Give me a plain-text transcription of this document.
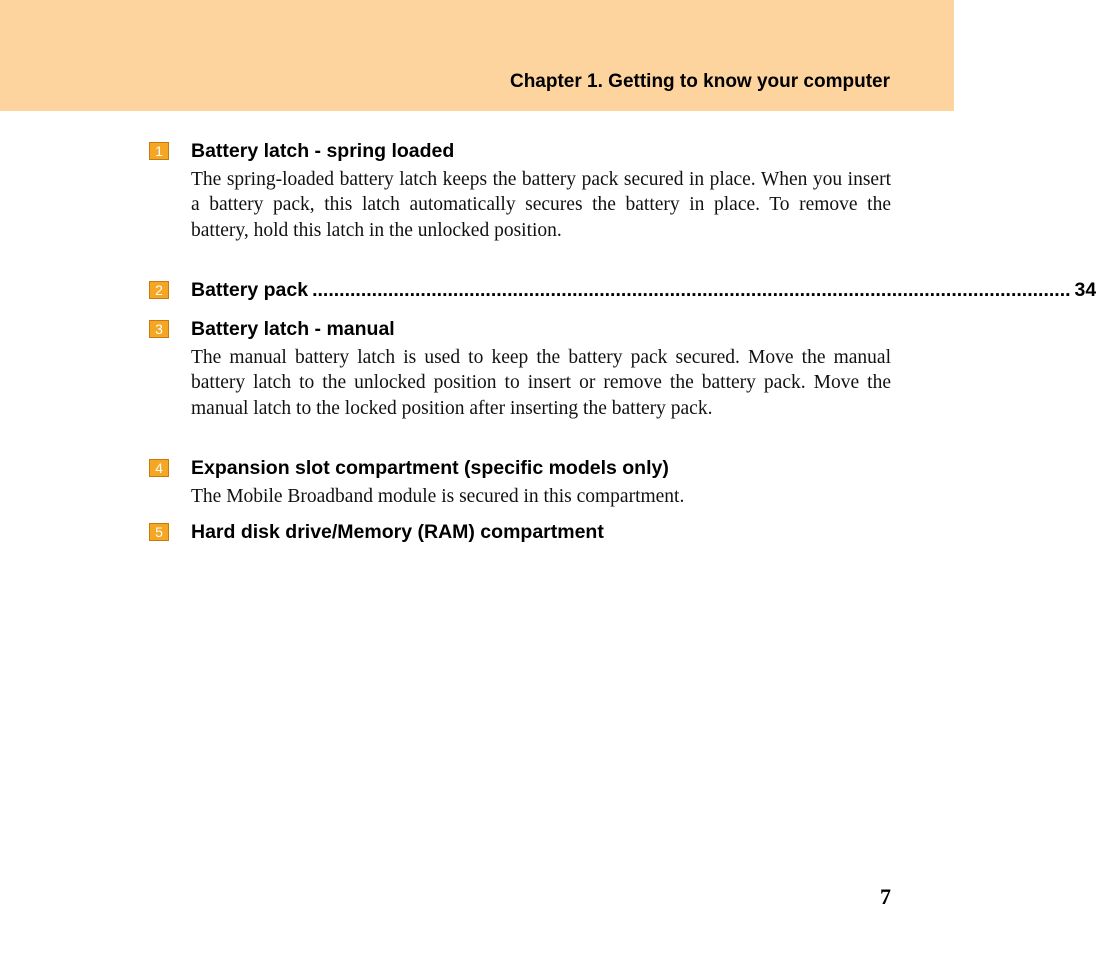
Chapter 1. Getting to know your computer
1	Battery latch - spring loaded
The spring-loaded battery latch keeps the battery pack secured in place. When you insert a battery pack, this latch automatically secures the battery in place. To remove the battery, hold this latch in the unlocked position.
2	Battery pack ............................................................................................................................................ 34
3	Battery latch - manual
The manual battery latch is used to keep the battery pack secured. Move the manual battery latch to the unlocked position to insert or remove the battery pack. Move the manual latch to the locked position after inserting the battery pack.
4	Expansion slot compartment (specific models only)
The Mobile Broadband module is secured in this compartment.
5	Hard disk drive/Memory (RAM) compartment
7
